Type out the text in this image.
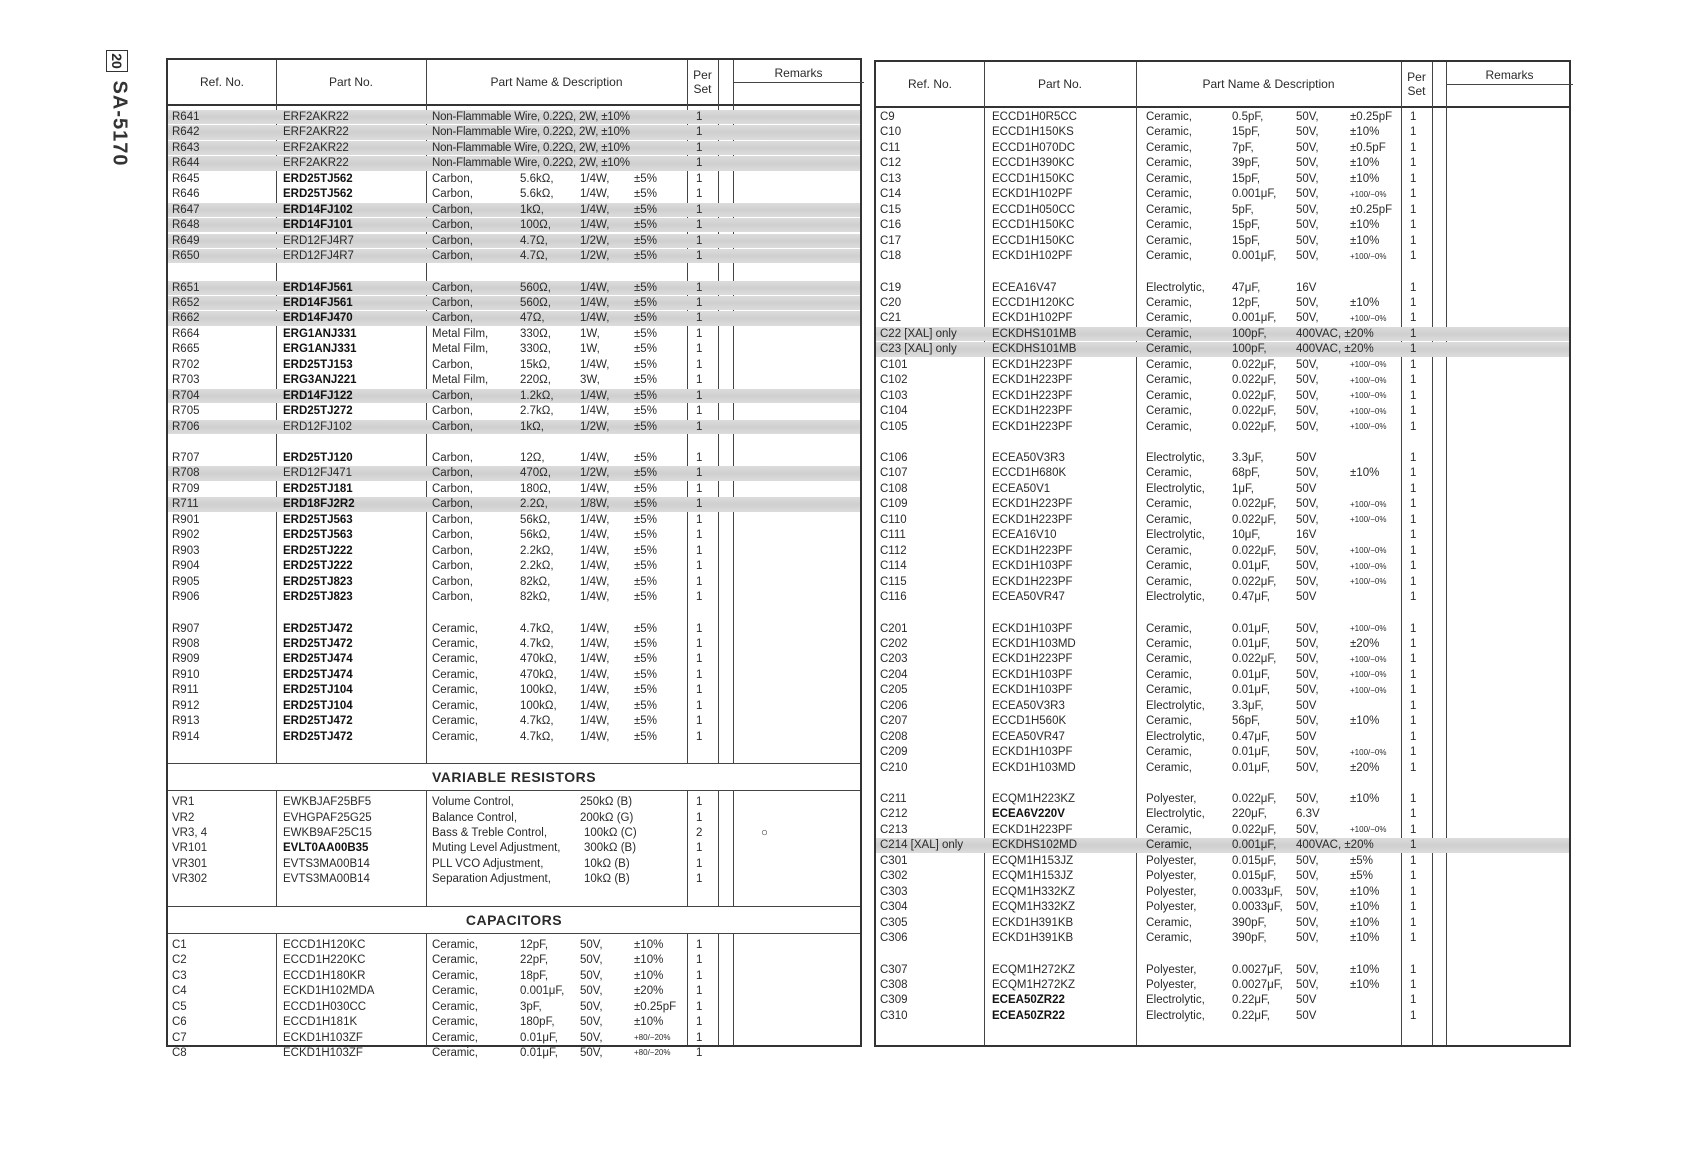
20
SA-5170	Ref. No.	Part No.	Part Name & Description	Per
Set
Remarks
R641	ERF2AKR22	Non-Flammable Wire, 0.22Ω, 2W, ±10%	1
R642	ERF2AKR22	Non-Flammable Wire, 0.22Ω, 2W, ±10%	1
R643	ERF2AKR22	Non-Flammable Wire, 0.22Ω, 2W, ±10%	1
R644	ERF2AKR22	Non-Flammable Wire, 0.22Ω, 2W, ±10%	1
R645	ERD25TJ562	Carbon,	5.6kΩ, 1/4W, ±5%	1
R646	ERD25TJ562	Carbon,	5.6kΩ, 1/4W, ±5%	1
R647	ERD14FJ102	Carbon,	1kΩ,	1/4W, ±5%	1
R648	ERD14FJ101	Carbon,	100Ω,	1/4W, ±5%	1
R649	ERD12FJ4R7	Carbon,	4.7Ω,	1/2W, ±5%	1
R650	ERD12FJ4R7	Carbon,	4.7Ω,	1/2W, ±5%	1
R651	ERD14FJ561	Carbon,	560Ω,	1/4W, ±5%	1
R652	ERD14FJ561	Carbon,	560Ω,	1/4W, ±5%	1
R662	ERD14FJ470	Carbon,	47Ω,	1/4W, ±5%	1
R664	ERG1ANJ331	Metal Film,	330Ω,	1W,	±5%	1
R665	ERG1ANJ331	Metal Film,	330Ω,	1W,	±5%	1
R702	ERD25TJ153	Carbon,	15kΩ,	1/4W, ±5%	1
R703	ERG3ANJ221	Metal Film,	220Ω,	3W,	±5%	1
R704	ERD14FJ122	Carbon,	1.2kΩ, 1/4W, ±5%	1
R705	ERD25TJ272	Carbon,	2.7kΩ, 1/4W, ±5%	1
R706	ERD12FJ102	Carbon,	1kΩ,	1/2W, ±5%	1
R707	ERD25TJ120	Carbon,	12Ω,	1/4W, ±5%	1
R708	ERD12FJ471	Carbon,	470Ω,	1/2W, ±5%	1
R709	ERD25TJ181	Carbon,	180Ω,	1/4W, ±5%	1
R711	ERD18FJ2R2	Carbon,	2.2Ω,	1/8W, ±5%	1
R901	ERD25TJ563	Carbon,	56kΩ,	1/4W, ±5%	1
R902	ERD25TJ563	Carbon,	56kΩ,	1/4W, ±5%	1
R903	ERD25TJ222	Carbon,	2.2kΩ, 1/4W, ±5%	1
R904	ERD25TJ222	Carbon,	2.2kΩ, 1/4W, ±5%	1
R905	ERD25TJ823	Carbon,	82kΩ,	1/4W, ±5%	1
R906	ERD25TJ823	Carbon,	82kΩ,	1/4W, ±5%	1
R907	ERD25TJ472	Ceramic,	4.7kΩ, 1/4W, ±5%	1
R908	ERD25TJ472	Ceramic,	4.7kΩ, 1/4W, ±5%	1
R909	ERD25TJ474	Ceramic,	470kΩ, 1/4W, ±5%	1
R910	ERD25TJ474	Ceramic,	470kΩ, 1/4W, ±5%	1
R911	ERD25TJ104	Ceramic,	100kΩ, 1/4W, ±5%	1
R912	ERD25TJ104	Ceramic,	100kΩ, 1/4W, ±5%	1
R913	ERD25TJ472	Ceramic,	4.7kΩ, 1/4W, ±5%	1
R914	ERD25TJ472	Ceramic,	4.7kΩ, 1/4W, ±5%	1
VARIABLE RESISTORS
VR1	EWKBJAF25BF5	Volume Control,	250kΩ (B)	1
VR2	EVHGPAF25G25	Balance Control,	200kΩ (G)	1
VR3, 4	EWKB9AF25C15	Bass & Treble Control,	100kΩ (C)	2	○
VR101	EVLT0AA00B35	Muting Level Adjustment, 300kΩ (B)	1
VR301	EVTS3MA00B14	PLL VCO Adjustment,	10kΩ (B)	1
VR302	EVTS3MA00B14	Separation Adjustment,	10kΩ (B)	1
CAPACITORS
C1	ECCD1H120KC	Ceramic,	12pF,	50V,	±10%	1
C2	ECCD1H220KC	Ceramic,	22pF,	50V,	±10%	1
C3	ECCD1H180KR	Ceramic,	18pF,	50V,	±10%	1
C4	ECKD1H102MDA	Ceramic,	0.001μF, 50V,	±20%	1
C5	ECCD1H030CC	Ceramic,	3pF,	50V,	±0.25pF 1
C6	ECCD1H181K	Ceramic,	180pF, 50V,	±10%	1
C7	ECKD1H103ZF	Ceramic,	0.01μF, 50V,	+80/−20% 1
C8	ECKD1H103ZF	Ceramic,	0.01μF, 50V,	+80/−20% 1
Ref. No.	Part No.	Part Name & Description	Per
Set
Remarks
C9	ECCD1H0R5CC	Ceramic,	0.5pF,	50V,	±0.25pF 1
C10	ECCD1H150KS	Ceramic,	15pF,	50V,	±10%	1
C11	ECCD1H070DC	Ceramic,	7pF,	50V,	±0.5pF 1
C12	ECCD1H390KC	Ceramic,	39pF,	50V,	±10%	1
C13	ECCD1H150KC	Ceramic,	15pF,	50V,	±10%	1
C14	ECKD1H102PF	Ceramic,	0.001μF, 50V,	+100/−0% 1
C15	ECCD1H050CC	Ceramic,	5pF,	50V,	±0.25pF 1
C16	ECCD1H150KC	Ceramic,	15pF,	50V,	±10%	1
C17	ECCD1H150KC	Ceramic,	15pF,	50V,	±10%	1
C18	ECKD1H102PF	Ceramic,	0.001μF, 50V,	+100/−0% 1
C19	ECEA16V47	Electrolytic, 47μF,	16V	1
C20	ECCD1H120KC	Ceramic,	12pF,	50V,	±10%	1
C21	ECKD1H102PF	Ceramic,	0.001μF, 50V,	+100/−0% 1
C22 [XAL] only	ECKDHS101MB	Ceramic,	100pF,	400VAC, ±20%	1
C23 [XAL] only	ECKDHS101MB	Ceramic,	100pF,	400VAC, ±20%	1
C101	ECKD1H223PF	Ceramic,	0.022μF, 50V,	+100/−0% 1
C102	ECKD1H223PF	Ceramic,	0.022μF, 50V,	+100/−0% 1
C103	ECKD1H223PF	Ceramic,	0.022μF, 50V,	+100/−0% 1
C104	ECKD1H223PF	Ceramic,	0.022μF, 50V,	+100/−0% 1
C105	ECKD1H223PF	Ceramic,	0.022μF, 50V,	+100/−0% 1
C106	ECEA50V3R3	Electrolytic, 3.3μF,	50V	1
C107	ECCD1H680K	Ceramic,	68pF,	50V,	±10%	1
C108	ECEA50V1	Electrolytic, 1μF,	50V	1
C109	ECKD1H223PF	Ceramic,	0.022μF, 50V,	+100/−0% 1
C110	ECKD1H223PF	Ceramic,	0.022μF, 50V,	+100/−0% 1
C111	ECEA16V10	Electrolytic, 10μF,	16V	1
C112	ECKD1H223PF	Ceramic,	0.022μF, 50V,	+100/−0% 1
C114	ECKD1H103PF	Ceramic,	0.01μF, 50V,	+100/−0% 1
C115	ECKD1H223PF	Ceramic,	0.022μF, 50V,	+100/−0% 1
C116	ECEA50VR47	Electrolytic, 0.47μF, 50V	1
C201	ECKD1H103PF	Ceramic,	0.01μF, 50V,	+100/−0% 1
C202	ECKD1H103MD	Ceramic,	0.01μF, 50V,	±20%	1
C203	ECKD1H223PF	Ceramic,	0.022μF, 50V,	+100/−0% 1
C204	ECKD1H103PF	Ceramic,	0.01μF, 50V,	+100/−0% 1
C205	ECKD1H103PF	Ceramic,	0.01μF, 50V,	+100/−0% 1
C206	ECEA50V3R3	Electrolytic, 3.3μF,	50V	1
C207	ECCD1H560K	Ceramic,	56pF,	50V,	±10%	1
C208	ECEA50VR47	Electrolytic, 0.47μF, 50V	1
C209	ECKD1H103PF	Ceramic,	0.01μF, 50V,	+100/−0% 1
C210	ECKD1H103MD	Ceramic,	0.01μF, 50V,	±20%	1
C211	ECQM1H223KZ	Polyester,	0.022μF, 50V,	±10%	1
C212	ECEA6V220V	Electrolytic, 220μF,	6.3V	1
C213	ECKD1H223PF	Ceramic,	0.022μF, 50V,	+100/−0% 1
C214 [XAL] only	ECKDHS102MD	Ceramic,	0.001μF, 400VAC, ±20%	1
C301	ECQM1H153JZ	Polyester,	0.015μF, 50V,	±5%	1
C302	ECQM1H153JZ	Polyester,	0.015μF, 50V,	±5%	1
C303	ECQM1H332KZ	Polyester,	0.0033μF, 50V,	±10%	1
C304	ECQM1H332KZ	Polyester,	0.0033μF, 50V,	±10%	1
C305	ECKD1H391KB	Ceramic,	390pF,	50V,	±10%	1
C306	ECKD1H391KB	Ceramic,	390pF,	50V,	±10%	1
C307	ECQM1H272KZ	Polyester,	0.0027μF, 50V,	±10%	1
C308	ECQM1H272KZ	Polyester,	0.0027μF, 50V,	±10%	1
C309	ECEA50ZR22	Electrolytic, 0.22μF, 50V	1
C310	ECEA50ZR22	Electrolytic, 0.22μF, 50V	1
